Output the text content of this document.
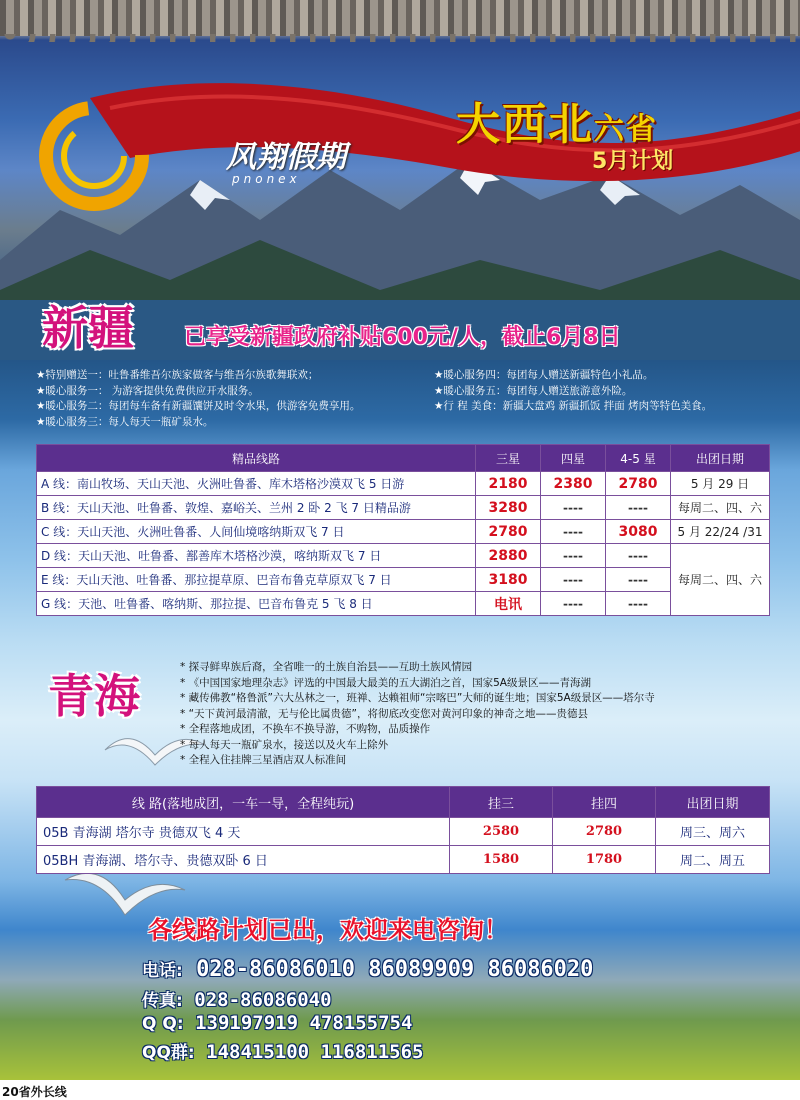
风翔假期
pnonex
大西北六省
5月计划
新疆 已享受新疆政府补贴600元/人，截止6月8日
★特别赠送一：吐鲁番维吾尔族家做客与维吾尔族歌舞联欢；
★暖心服务一： 为游客提供免费供应开水服务。
★暖心服务二：每团每车备有新疆馕饼及时令水果，供游客免费享用。
★暖心服务三：每人每天一瓶矿泉水。
★暖心服务四：每团每人赠送新疆特色小礼品。
★暖心服务五：每团每人赠送旅游意外险。
★行 程 美食：新疆大盘鸡 新疆抓饭 拌面 烤肉等特色美食。
精品线路	三星	四星	4-5 星	出团日期
A 线：南山牧场、天山天池、火洲吐鲁番、库木塔格沙漠双飞 5 日游	2180	2380	2780	5 月 29 日
B 线：天山天池、吐鲁番、敦煌、嘉峪关、兰州 2 卧 2 飞 7 日精品游	3280	----	----	每周二、四、六
C 线：天山天池、火洲吐鲁番、人间仙境喀纳斯双飞 7 日	2780	----	3080	5 月 22/24 /31
D 线：天山天池、吐鲁番、鄯善库木塔格沙漠，喀纳斯双飞 7 日	2880	----	----	每周二、四、六
E 线：天山天池、吐鲁番、那拉提草原、巴音布鲁克草原双飞 7 日	3180	----	----	
G 线：天池、吐鲁番、喀纳斯、那拉提、巴音布鲁克 5 飞 8 日	电讯	----	----	
青海
* 探寻鲜卑族后裔，全省唯一的土族自治县——互助土族风情园
* 《中国国家地理杂志》评选的中国最大最美的五大湖泊之首，国家5A级景区——青海湖
* 藏传佛教“格鲁派”六大丛林之一，班禅、达赖祖师“宗喀巴”大师的诞生地；国家5A级景区——塔尔寺
* “天下黄河最清澈，无与伦比属贵德”，将彻底改变您对黄河印象的神奇之地——贵德县
* 全程落地成团，不换车不换导游，不购物，品质操作
* 每人每天一瓶矿泉水，接送以及火车上除外
* 全程入住挂牌三星酒店双人标准间
线 路(落地成团，一车一导，全程纯玩)	挂三	挂四	出团日期
05B 青海湖 塔尔寺 贵德双飞 4 天	2580	2780	周三、周六
05BH 青海湖、塔尔寺、贵德双卧 6 日	1580	1780	周二、周五
各线路计划已出，欢迎来电咨询！
电话: 028-86086010 86089909 86086020
传真: 028-86086040
Q Q: 139197919 478155754
QQ群: 148415100 116811565
20省外长线
